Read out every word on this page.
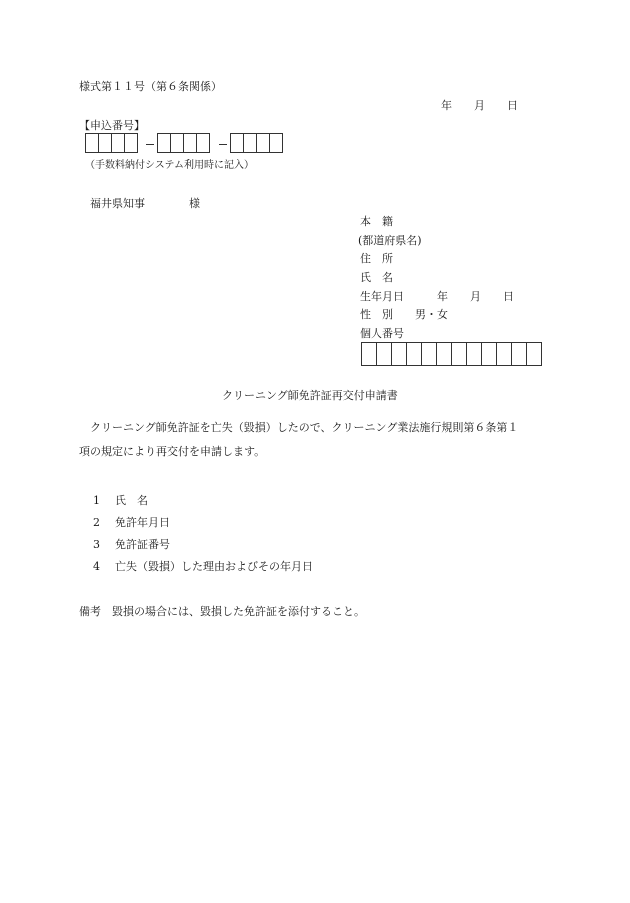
様式第１１号（第６条関係）
年　　月　　日
【申込番号】
（手数料納付システム利用時に記入）
福井県知事　　　　様
本　籍
(都道府県名)
住　所
氏　名
生年月日　　　年　　月　　日
性　別　　男・女
個人番号
クリーニング師免許証再交付申請書
クリーニング師免許証を亡失（毀損）したので、クリーニング業法施行規則第６条第１
項の規定により再交付を申請します。
1 氏　名
2 免許年月日
3 免許証番号
4 亡失（毀損）した理由およびその年月日
備考　毀損の場合には、毀損した免許証を添付すること。
